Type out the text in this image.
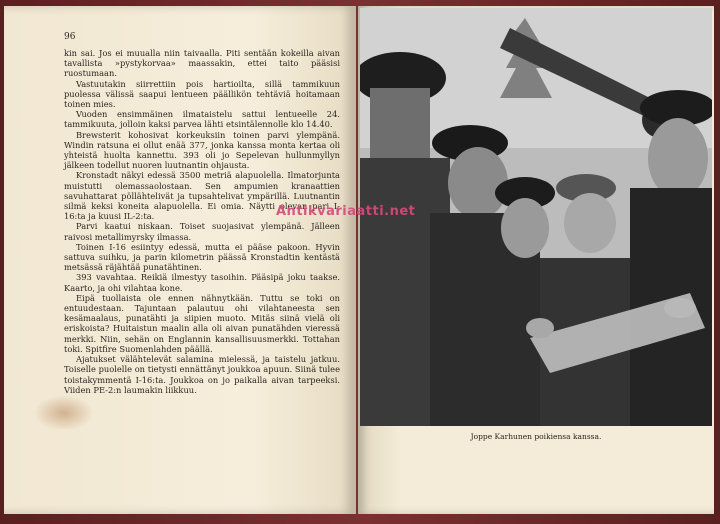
96

kin sai. Jos ei muualla niin taivaalla. Piti sentään kokeilla aivan tavallista »pystykorvaa» maassakin, ettei taito pääsisi ruostumaan.

Vastuutakin siirrettiin pois hartioilta, sillä tammikuun puolessa välissä saapui lentueen päällikön tehtäviä hoitamaan toinen mies.

Vuoden ensimmäinen ilmataistelu sattui lentueelle 24. tammikuuta, jolloin kaksi parvea lähti etsintälennolle klo 14.40.

Brewsterit kohosivat korkeuksiin toinen parvi ylempänä. Windin ratsuna ei ollut enää 377, jonka kanssa monta kertaa oli yhteistä huolta kannettu. 393 oli jo Sepelevan hullunmyllyn jälkeen todellut nuoren luutnantin ohjausta.

Kronstadt näkyi edessä 3500 metriä alapuolella. Ilmatorjunta muistutti olemassaolostaan. Sen ampumien kranaattien savuhattarat pöllähtelivät ja tupsahtelivat ympärillä. Luutnantin silmä keksi koneita alapuolella. Ei omia. Näytti olevan pari I-16:ta ja kuusi IL-2:ta.

Parvi kaatui niskaan. Toiset suojasivat ylempänä. Jälleen raivosi metallimyrsky ilmassa.

Toinen I-16 esiintyy edessä, mutta ei pääse pakoon. Hyvin sattuva suihku, ja parin kilometrin päässä Kronstadtin kentästä metsässä räjähtää punatähtinen.

393 vavahtaa. Reikiä ilmestyy tasoihin. Pääsipä joku taaksе. Kaarto, ja ohi vilahtaa kone.

Eipä tuollaista ole ennen nähnytkään. Tuttu se toki on entuudestaan. Tajuntaan palautuu ohi vilahtaneesta sen kesämaalaus, punatähti ja siipien muoto. Mitäs siinä vielä oli eriskoista? Huitaistun maalin alla oli aivan punatähden vieressä merkki. Niin, sehän on Englannin kansallisuusmerkki. Tottahan toki. Spitfire Suomenlahden päällä.

Ajatukset välähtelevät salamina mielessä, ja taistelu jatkuu. Toiselle puolelle on tietysti ennättänyt joukkoa apuun. Siinä tulee toistakymmentä I-16:ta. Joukkoa on jo paikalla aivan tarpeeksi. Viiden PE-2:n laumakin liikkuu.

Joppe Karhunen poikiensa kanssa.
Antikvariaatti.net
